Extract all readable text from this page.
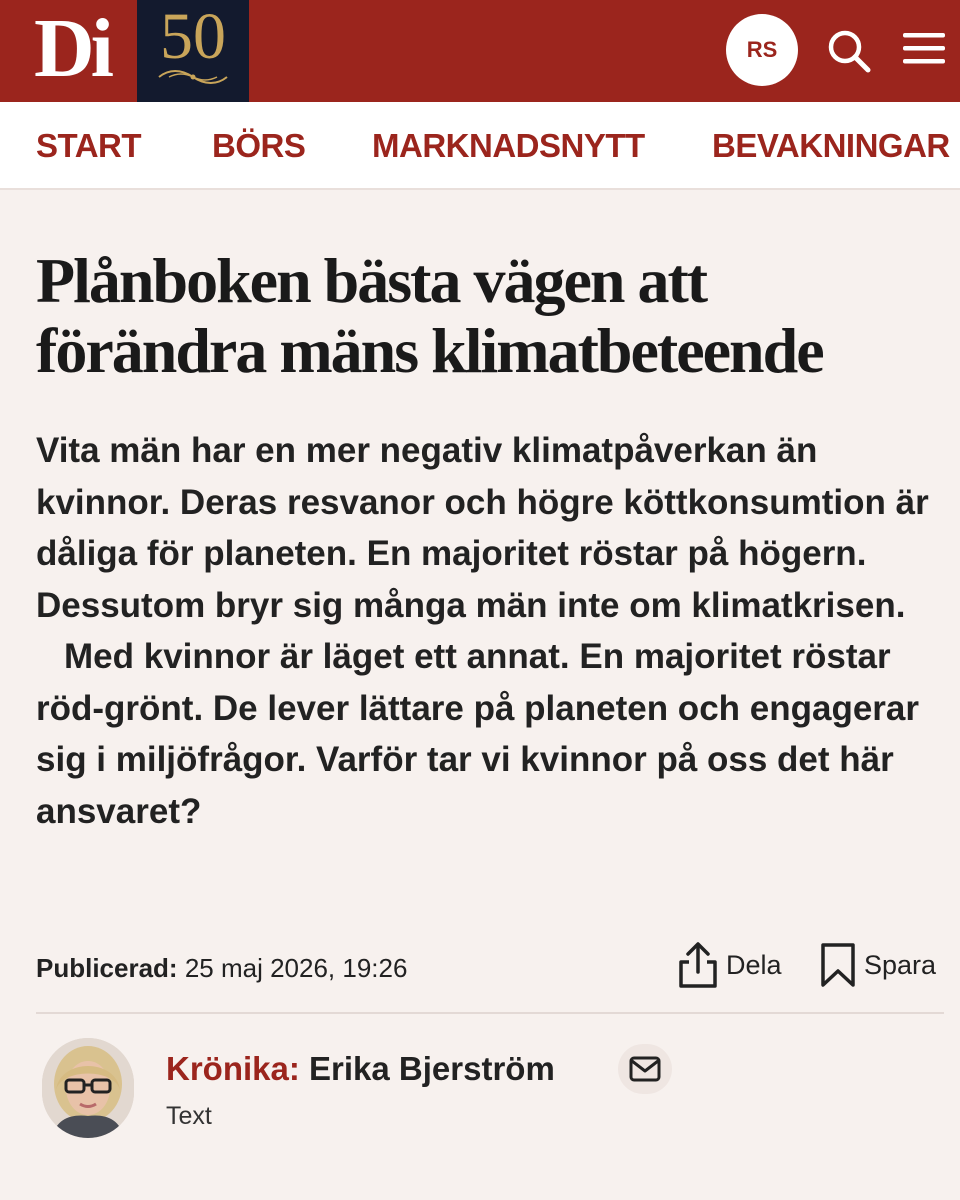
Di 50	RS
START BÖRS MARKNADSNYTT BEVAKNINGAR
Plånboken bästa vägen att
förändra mäns klimatbeteende

Vita män har en mer negativ klimatpåverkan än kvinnor. Deras resvanor och högre köttkonsumtion är dåliga för planeten. En majoritet röstar på högern. Dessutom bryr sig många män inte om klimatkrisen.

Med kvinnor är läget ett annat. En majoritet röstar röd-grönt. De lever lättare på planeten och engagerar sig i miljöfrågor. Varför tar vi kvinnor på oss det här ansvaret?

Publicerad: 25 maj 2026, 19:26	Dela	Spara
Krönika: Erika Bjerström
Text
